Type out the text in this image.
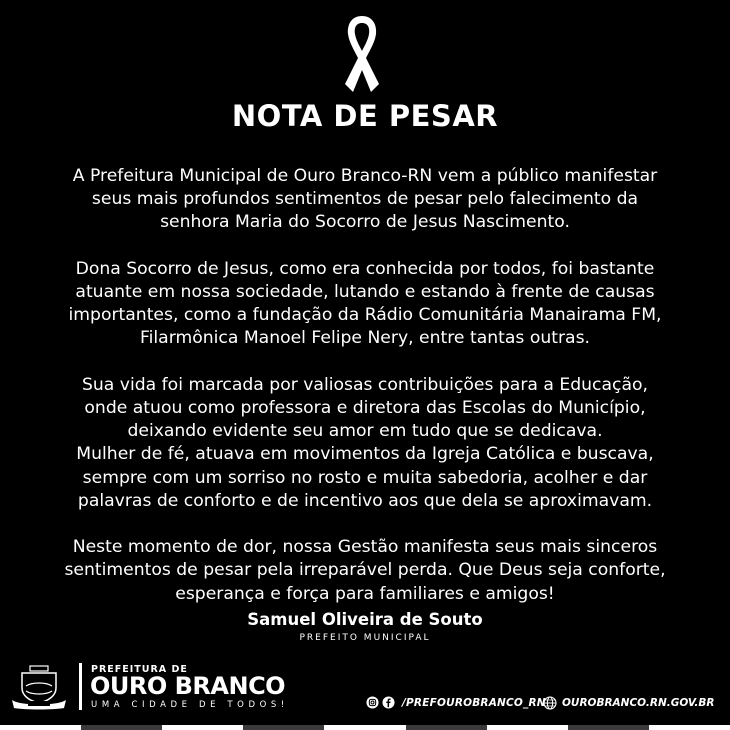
NOTA DE PESAR
A Prefeitura Municipal de Ouro Branco-RN vem a público manifestar
seus mais profundos sentimentos de pesar pelo falecimento da
senhora Maria do Socorro de Jesus Nascimento.
Dona Socorro de Jesus, como era conhecida por todos, foi bastante
atuante em nossa sociedade, lutando e estando à frente de causas
importantes, como a fundação da Rádio Comunitária Manairama FM,
Filarmônica Manoel Felipe Nery, entre tantas outras.
Sua vida foi marcada por valiosas contribuições para a Educação,
onde atuou como professora e diretora das Escolas do Município,
deixando evidente seu amor em tudo que se dedicava.
Mulher de fé, atuava em movimentos da Igreja Católica e buscava,
sempre com um sorriso no rosto e muita sabedoria, acolher e dar
palavras de conforto e de incentivo aos que dela se aproximavam.
Neste momento de dor, nossa Gestão manifesta seus mais sinceros
sentimentos de pesar pela irreparável perda. Que Deus seja conforte,
esperança e força para familiares e amigos!
Samuel Oliveira de Souto
PREFEITO MUNICIPAL
PREFEITURA DE
OURO BRANCO
UMA CIDADE DE TODOS!	/PREFOUROBRANCO_RN OUROBRANCO.RN.GOV.BR
